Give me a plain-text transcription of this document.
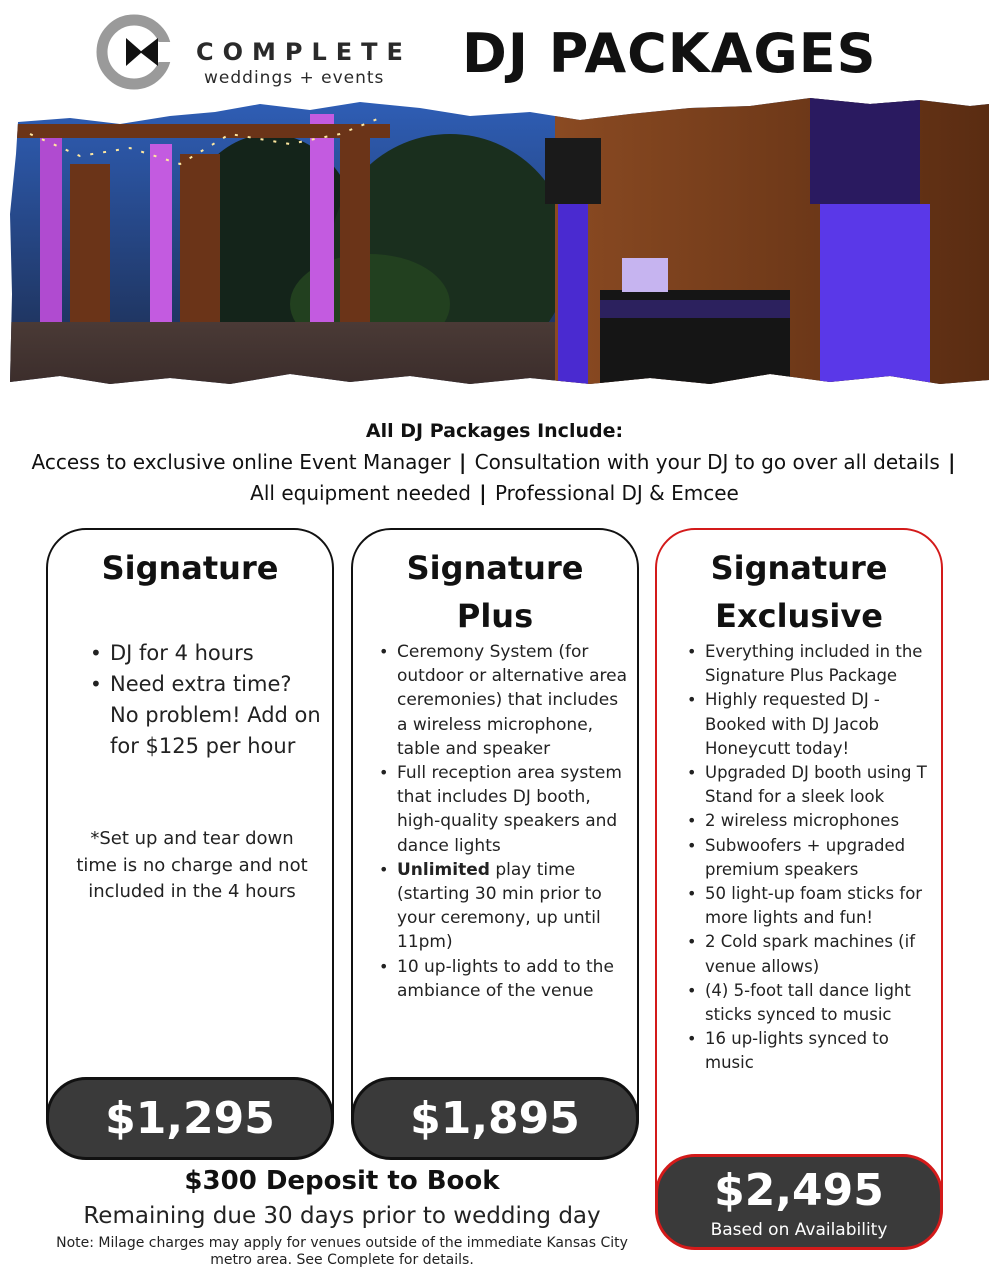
COMPLETE
weddings + events DJ PACKAGES
All DJ Packages Include:
Access to exclusive online Event Manager | Consultation with your DJ to go over all details |
All equipment needed | Professional DJ & Emcee
Signature
• DJ for 4 hours
• Need extra time? No problem! Add on for $125 per hour
*Set up and tear down time is no charge and not included in the 4 hours
$1,295
Signature
Plus
• Ceremony System (for outdoor or alternative area ceremonies) that includes a wireless microphone, table and speaker
• Full reception area system that includes DJ booth, high-quality speakers and dance lights
• Unlimited play time (starting 30 min prior to your ceremony, up until 11pm)
• 10 up-lights to add to the ambiance of the venue
$1,895
Signature
Exclusive
• Everything included in the Signature Plus Package
• Highly requested DJ - Booked with DJ Jacob Honeycutt today!
• Upgraded DJ booth using T Stand for a sleek look
• 2 wireless microphones
• Subwoofers + upgraded premium speakers
• 50 light-up foam sticks for more lights and fun!
• 2 Cold spark machines (if venue allows)
• (4) 5-foot tall dance light sticks synced to music
• 16 up-lights synced to music
$2,495
Based on Availability
$300 Deposit to Book
Remaining due 30 days prior to wedding day
Note: Milage charges may apply for venues outside of the immediate Kansas City metro area. See Complete for details.
